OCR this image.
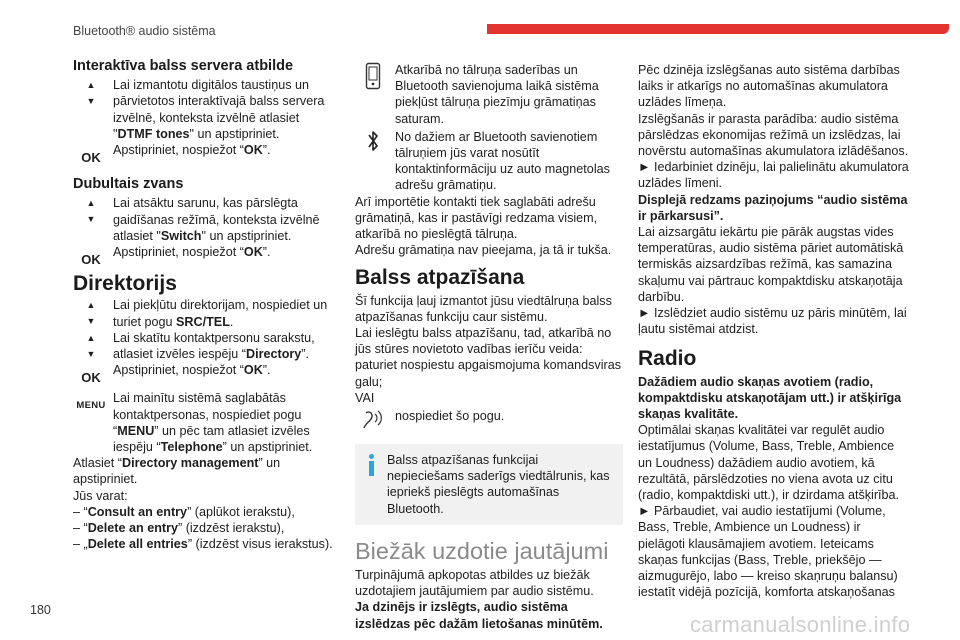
Bluetooth® audio sistēma
Interaktīva balss servera atbilde
▲
▼

Lai izmantotu digitālos taustiņus un pārvietotos interaktīvajā balss servera izvēlnē, konteksta izvēlnē atlasiet "DTMF tones" un apstipriniet.

OK Apstipriniet, nospiežot “OK”.

Dubultais zvans
▲
▼

Lai atsāktu sarunu, kas pārslēgta gaidīšanas režīmā, konteksta izvēlnē atlasiet "Switch" un apstipriniet.

OK Apstipriniet, nospiežot “OK”.

Direktorijs
▲
▼

Lai piekļūtu direktorijam, nospiediet un turiet pogu SRC/TEL.

▲
▼

Lai skatītu kontaktpersonu sarakstu, atlasiet izvēles iespēju “Directory”.

OK Apstipriniet, nospiežot “OK”.

MENU

Lai mainītu sistēmā saglabātās kontaktpersonas, nospiediet pogu “MENU” un pēc tam atlasiet izvēles iespēju “Telephone” un apstipriniet.

Atlasiet “Directory management” un apstipriniet.

Jūs varat:

– “Consult an entry” (aplūkot ierakstu),

– “Delete an entry” (izdzēst ierakstu),

– „Delete all entries” (izdzēst visus ierakstus).

Atkarībā no tālruņa saderības un Bluetooth savienojuma laikā sistēma piekļūst tālruņa piezīmju grāmatiņas saturam.

No dažiem ar Bluetooth savienotiem tālruņiem jūs varat nosūtīt kontaktinformāciju uz auto magnetolas adrešu grāmatiņu.

Arī importētie kontakti tiek saglabāti adrešu grāmatiņā, kas ir pastāvīgi redzama visiem, atkarībā no pieslēgtā tālruņa.

Adrešu grāmatiņa nav pieejama, ja tā ir tukša.

Balss atpazīšana

Šī funkcija ļauj izmantot jūsu viedtālruņa balss atpazīšanas funkciju caur sistēmu.

Lai ieslēgtu balss atpazīšanu, tad, atkarībā no jūs stūres novietoto vadības ierīču veida:

paturiet nospiestu apgaismojuma komandsviras galu;

VAI

nospiediet šo pogu.

Balss atpazīšanas funkcijai nepieciešams saderīgs viedtālrunis, kas iepriekš pieslēgts automašīnas Bluetooth.

Biežāk uzdotie jautājumi

Turpinājumā apkopotas atbildes uz biežāk uzdotajiem jautājumiem par audio sistēmu.

Ja dzinējs ir izslēgts, audio sistēma izslēdzas pēc dažām lietošanas minūtēm.

Pēc dzinēja izslēgšanas auto sistēma darbības laiks ir atkarīgs no automašīnas akumulatora uzlādes līmeņa.

Izslēgšanās ir parasta parādība: audio sistēma pārslēdzas ekonomijas režīmā un izslēdzas, lai novērstu automašīnas akumulatora izlādēšanos.

► Iedarbiniet dzinēju, lai palielinātu akumulatora uzlādes līmeni.

Displejā redzams paziņojums “audio sistēma ir pārkarsusi”.

Lai aizsargātu iekārtu pie pārāk augstas vides temperatūras, audio sistēma pāriet automātiskā termiskās aizsardzības režīmā, kas samazina skaļumu vai pārtrauc kompaktdisku atskaņotāja darbību.

► Izslēdziet audio sistēmu uz pāris minūtēm, lai ļautu sistēmai atdzist.

Radio

Dažādiem audio skaņas avotiem (radio, kompaktdisku atskaņotājam utt.) ir atšķirīga skaņas kvalitāte.

Optimālai skaņas kvalitātei var regulēt audio iestatījumus (Volume, Bass, Treble, Ambience un Loudness) dažādiem audio avotiem, kā rezultātā, pārslēdzoties no viena avota uz citu (radio, kompaktdiski utt.), ir dzirdama atšķirība.

► Pārbaudiet, vai audio iestatījumi (Volume, Bass, Treble, Ambience un Loudness) ir pielāgoti klausāmajiem avotiem. Ieteicams skaņas funkcijas (Bass, Treble, priekšējo — aizmugurējo, labo — kreiso skaņruņu balansu) iestatīt vidējā pozīcijā, komforta atskaņošanas

180
carmanualsonline.info
